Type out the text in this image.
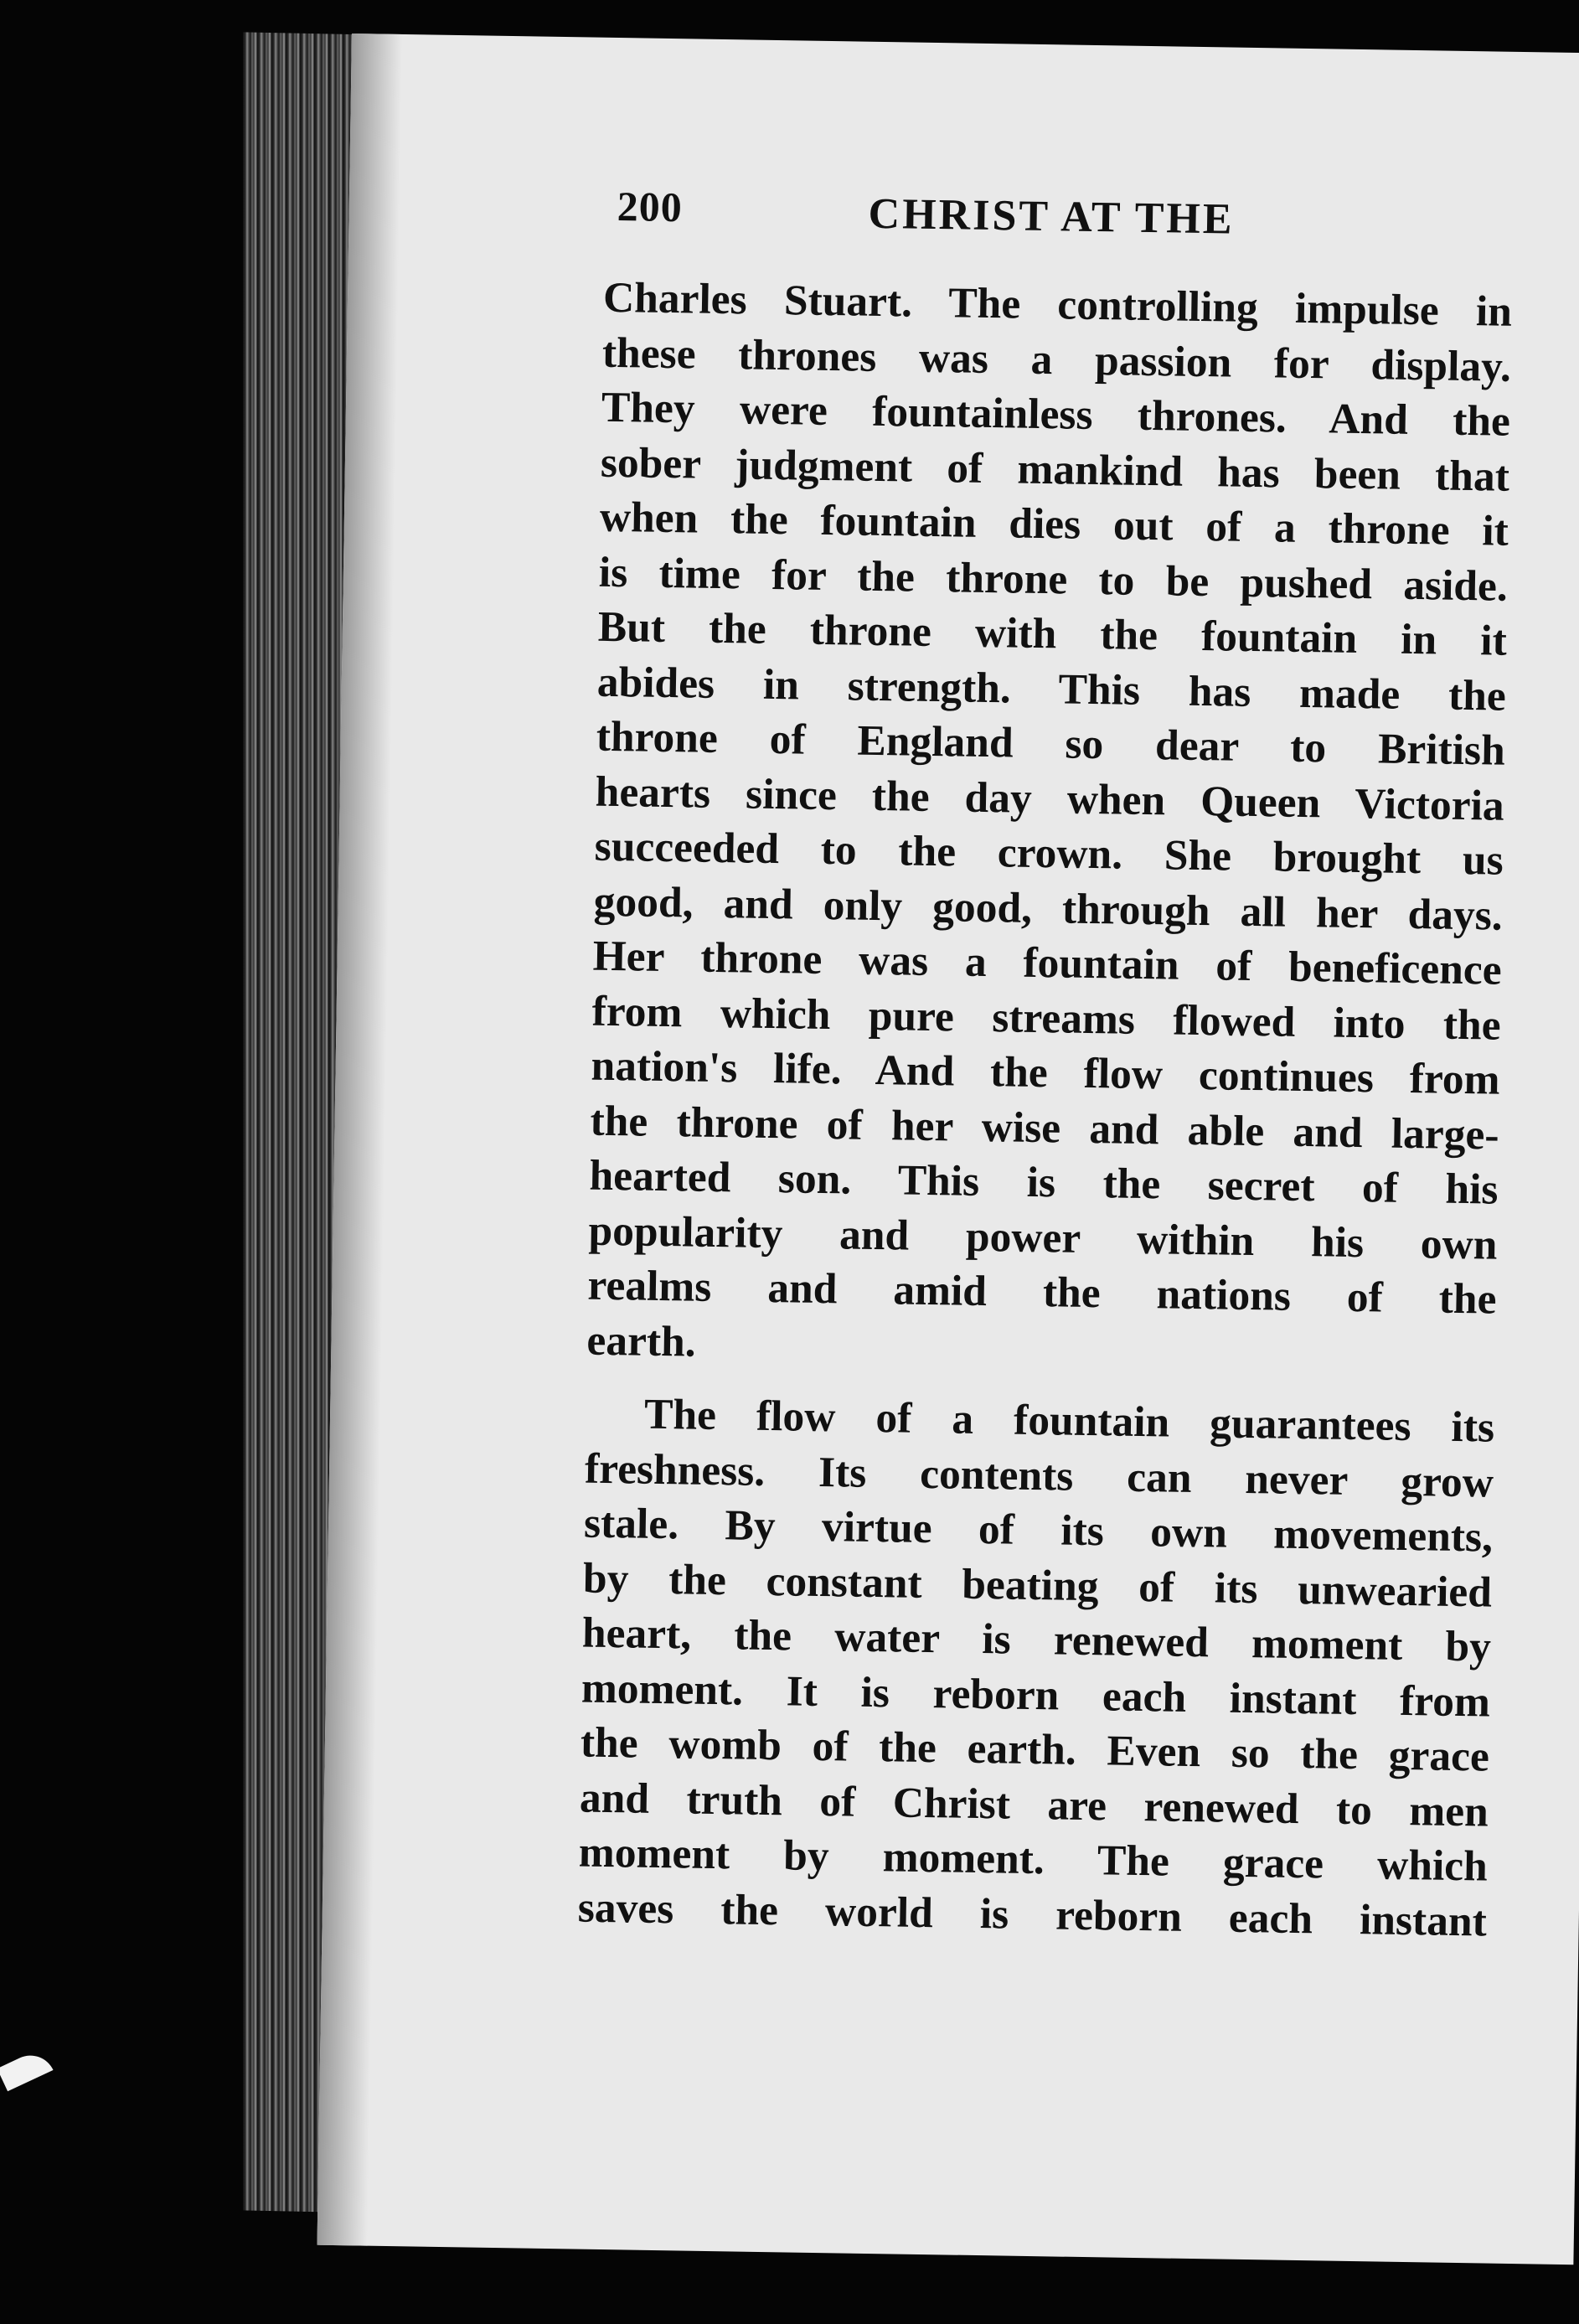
200	CHRIST AT THE
Charles Stuart. The controlling impulse in
these thrones was a passion for display.
They were fountainless thrones. And the
sober judgment of mankind has been that
when the fountain dies out of a throne it
is time for the throne to be pushed aside.
But the throne with the fountain in it
abides in strength. This has made the
throne of England so dear to British
hearts since the day when Queen Victoria
succeeded to the crown. She brought us
good, and only good, through all her days.
Her throne was a fountain of beneficence
from which pure streams flowed into the
nation's life. And the flow continues from
the throne of her wise and able and large-
hearted son. This is the secret of his
popularity and power within his own
realms and amid the nations of the
earth.
The flow of a fountain guarantees its
freshness. Its contents can never grow
stale. By virtue of its own movements,
by the constant beating of its unwearied
heart, the water is renewed moment by
moment. It is reborn each instant from
the womb of the earth. Even so the grace
and truth of Christ are renewed to men
moment by moment. The grace which
saves the world is reborn each instant
